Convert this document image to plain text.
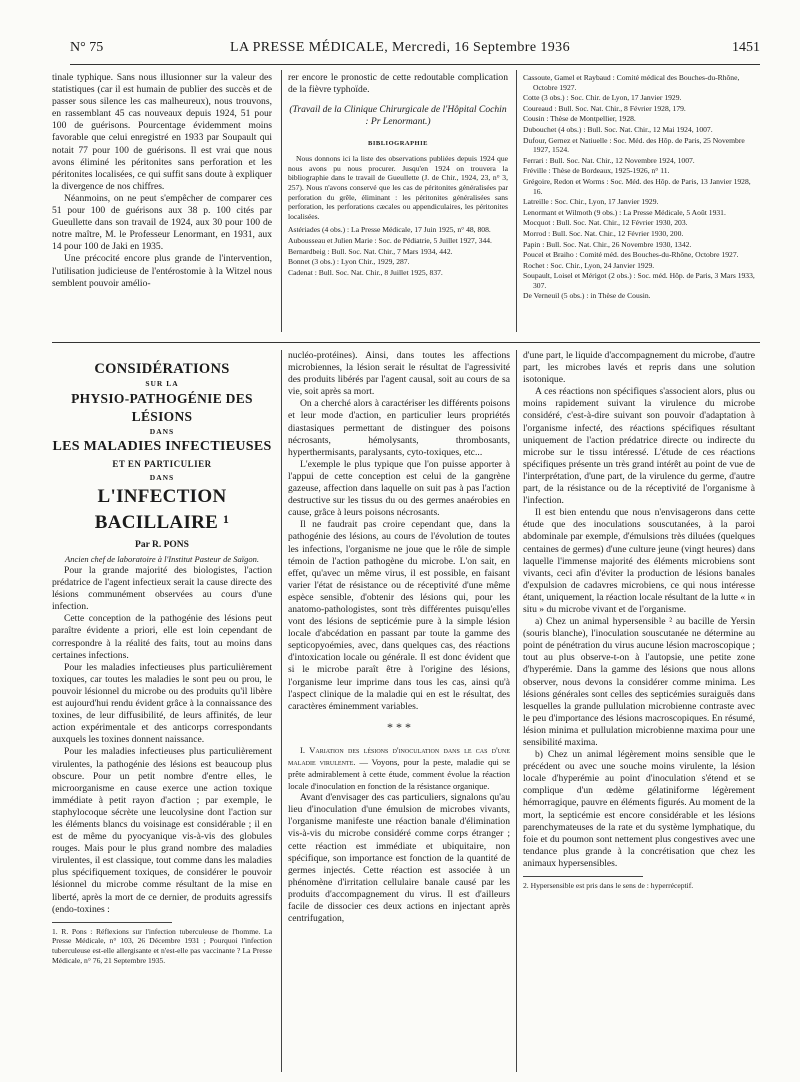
N° 75	LA PRESSE MÉDICALE, Mercredi, 16 Septembre 1936	1451

tinale typhique. Sans nous illusionner sur la valeur des statistiques (car il est humain de publier des succès et de passer sous silence les cas malheureux), nous trouvons, en rassemblant 45 cas nouveaux depuis 1924, 51 pour 100 de guérisons. Pourcentage évidemment moins favorable que celui enregistré en 1933 par Soupault qui notait 77 pour 100 de guérisons. Il est vrai que nous avons éliminé les péritonites sans perforation et les péritonites localisées, ce qui suffit sans doute à expliquer la divergence de nos chiffres.

Néanmoins, on ne peut s'empêcher de comparer ces 51 pour 100 de guérisons aux 38 p. 100 cités par Gueullette dans son travail de 1924, aux 30 pour 100 de notre maître, M. le Professeur Lenormant, en 1931, aux 14 pour 100 de Jaki en 1935.

Une précocité encore plus grande de l'intervention, l'utilisation judicieuse de l'entérostomie à la Witzel nous semblent pouvoir amélio-

rer encore le pronostic de cette redoutable complication de la fièvre typhoïde.

(Travail de la Clinique Chirurgicale de l'Hôpital Cochin : Pr Lenormant.)
BIBLIOGRAPHIE

Nous donnons ici la liste des observations publiées depuis 1924 que nous avons pu nous procurer. Jusqu'en 1924 on trouvera la bibliographie dans le travail de Gueullette (J. de Chir., 1924, 23, n° 3, 257). Nous n'avons conservé que les cas de péritonites généralisées par perforation du grêle, éliminant : les péritonites généralisées sans perforation, les perforations cæcales ou appendiculaires, les péritonites localisées.

Astériades (4 obs.) : La Presse Médicale, 17 Juin 1925, n° 48, 808.

Aubousseau et Julien Marie : Soc. de Pédiatrie, 5 Juillet 1927, 344.

Bernardbeig : Bull. Soc. Nat. Chir., 7 Mars 1934, 442.

Bonnet (3 obs.) : Lyon Chir., 1929, 287.

Cadenat : Bull. Soc. Nat. Chir., 8 Juillet 1925, 837.

Cassoute, Gamel et Raybaud : Comité médical des Bouches-du-Rhône, Octobre 1927.

Cotte (3 obs.) : Soc. Chir. de Lyon, 17 Janvier 1929.

Coureaud : Bull. Soc. Nat. Chir., 8 Février 1928, 179.

Cousin : Thèse de Montpellier, 1928.

Dubouchet (4 obs.) : Bull. Soc. Nat. Chir., 12 Mai 1924, 1007.

Dufour, Gernez et Natiuelle : Soc. Méd. des Hôp. de Paris, 25 Novembre 1927, 1524.

Ferrari : Bull. Soc. Nat. Chir., 12 Novembre 1924, 1007.

Fréville : Thèse de Bordeaux, 1925-1926, n° 11.

Grégoire, Redon et Worms : Soc. Méd. des Hôp. de Paris, 13 Janvier 1928, 16.

Latreille : Soc. Chir., Lyon, 17 Janvier 1929.

Lenormant et Wilmoth (9 obs.) : La Presse Médicale, 5 Août 1931.

Mocquot : Bull. Soc. Nat. Chir., 12 Février 1930, 203.

Morrod : Bull. Soc. Nat. Chir., 12 Février 1930, 200.

Papin : Bull. Soc. Nat. Chir., 26 Novembre 1930, 1342.

Poucel et Braiho : Comité méd. des Bouches-du-Rhône, Octobre 1927.

Rochet : Soc. Chir., Lyon, 24 Janvier 1929.

Soupault, Loisel et Mérigot (2 obs.) : Soc. méd. Hôp. de Paris, 3 Mars 1933, 307.

De Verneuil (5 obs.) : in Thèse de Cousin.

CONSIDÉRATIONS
SUR LA
PHYSIO-PATHOGÉNIE DES LÉSIONS
DANS
LES MALADIES INFECTIEUSES
ET EN PARTICULIER
DANS
L'INFECTION BACILLAIRE ¹
Par R. PONS
Ancien chef de laboratoire à l'Institut Pasteur de Saïgon.

Pour la grande majorité des biologistes, l'action prédatrice de l'agent infectieux serait la cause directe des lésions communément observées au cours d'une infection.

Cette conception de la pathogénie des lésions peut paraître évidente a priori, elle est loin cependant de correspondre à la réalité des faits, tout au moins dans certaines infections.

Pour les maladies infectieuses plus particulièrement toxiques, car toutes les maladies le sont peu ou prou, le pouvoir lésionnel du microbe ou des produits qu'il libère est aujourd'hui rendu évident grâce à la connaissance des toxines, de leur diffusibilité, de leurs affinités, de leur action expérimentale et des anticorps correspondants auxquels les toxines donnent naissance.

Pour les maladies infectieuses plus particulièrement virulentes, la pathogénie des lésions est beaucoup plus obscure. Pour un petit nombre d'entre elles, le microorganisme en cause exerce une action toxique immédiate à petit rayon d'action ; par exemple, le staphylocoque sécrète une leucolysine dont l'action sur les éléments blancs du voisinage est considérable ; il en est de même du pyocyanique vis-à-vis des globules rouges. Mais pour le plus grand nombre des maladies virulentes, il est classique, tout comme dans les maladies plus spécifiquement toxiques, de considérer le pouvoir lésionnel du microbe comme résultant de la mise en liberté, après la mort de ce dernier, de produits agressifs (endo-toxines :

1. R. Pons : Réflexions sur l'infection tuberculeuse de l'homme. La Presse Médicale, n° 103, 26 Décembre 1931 ; Pourquoi l'infection tuberculeuse est-elle allergisante et n'est-elle pas vaccinante ? La Presse Médicale, n° 76, 21 Septembre 1935.

nucléo-protéines). Ainsi, dans toutes les affections microbiennes, la lésion serait le résultat de l'agressivité des produits libérés par l'agent causal, soit au cours de sa vie, soit après sa mort.

On a cherché alors à caractériser les différents poisons et leur mode d'action, en particulier leurs propriétés diastasiques permettant de distinguer des poisons nécrosants, hémolysants, thrombosants, hyperthermisants, paralysants, cyto-toxiques, etc...

L'exemple le plus typique que l'on puisse apporter à l'appui de cette conception est celui de la gangrène gazeuse, affection dans laquelle on suit pas à pas l'action destructive sur les tissus du ou des germes anaérobies en cause, grâce à leurs poisons nécrosants.

Il ne faudrait pas croire cependant que, dans la pathogénie des lésions, au cours de l'évolution de toutes les infections, l'organisme ne joue que le rôle de simple témoin de l'action pathogène du microbe. L'on sait, en effet, qu'avec un même virus, il est possible, en faisant varier l'état de résistance ou de réceptivité d'une même espèce sensible, d'obtenir des lésions qui, pour les anatomo-pathologistes, sont très différentes puisqu'elles vont des lésions de septicémie pure à la simple lésion locale d'abcédation en passant par toute la gamme des septicopyoémies, avec, dans quelques cas, des réactions d'intoxication locale ou générale. Il est donc évident que si le microbe paraît être à l'origine des lésions, l'organisme leur imprime dans tous les cas, ainsi qu'à l'aspect clinique de la maladie qui en est le résultat, des caractères éminemment variables.

* * *

I. Variation des lésions d'inoculation dans le cas d'une maladie virulente. — Voyons, pour la peste, maladie qui se prête admirablement à cette étude, comment évolue la réaction locale d'inoculation en fonction de la résistance organique.

Avant d'envisager des cas particuliers, signalons qu'au lieu d'inoculation d'une émulsion de microbes vivants, l'organisme manifeste une réaction banale d'élimination vis-à-vis du microbe considéré comme corps étranger ; cette réaction est immédiate et ubiquitaire, non spécifique, son importance est fonction de la quantité de germes injectés. Cette réaction est associée à un phénomène d'irritation cellulaire banale causé par les produits d'accompagnement du virus. Il est d'ailleurs facile de dissocier ces deux actions en injectant après centrifugation,

d'une part, le liquide d'accompagnement du microbe, d'autre part, les microbes lavés et repris dans une solution isotonique.

A ces réactions non spécifiques s'associent alors, plus ou moins rapidement suivant la virulence du microbe considéré, c'est-à-dire suivant son pouvoir d'adaptation à l'organisme infecté, des réactions spécifiques résultant uniquement de l'action prédatrice directe ou indirecte du microbe sur le tissu intéressé. L'étude de ces réactions spécifiques présente un très grand intérêt au point de vue de l'interprétation, d'une part, de la virulence du germe, d'autre part, de la résistance ou de la réceptivité de l'organisme à l'infection.

Il est bien entendu que nous n'envisagerons dans cette étude que des inoculations souscutanées, à la paroi abdominale par exemple, d'émulsions très diluées (quelques centaines de germes) d'une culture jeune (vingt heures) dans laquelle l'immense majorité des éléments microbiens sont vivants, ceci afin d'éviter la production de lésions banales d'expulsion de cadavres microbiens, ce qui nous intéresse étant, uniquement, la réaction locale résultant de la lutte « in situ » du microbe vivant et de l'organisme.

a) Chez un animal hypersensible ² au bacille de Yersin (souris blanche), l'inoculation souscutanée ne détermine au point de pénétration du virus aucune lésion macroscopique ; tout au plus observe-t-on à l'autopsie, une petite zone d'hyperémie. Dans la gamme des lésions que nous allons observer, nous devons la considérer comme minima. Les lésions générales sont celles des septicémies suraiguës dans lesquelles la grande pullulation microbienne contraste avec le peu d'importance des lésions macroscopiques. En résumé, lésion minima et pullulation microbienne maxima pour une sensibilité maxima.

b) Chez un animal légèrement moins sensible que le précédent ou avec une souche moins virulente, la lésion locale d'hyperémie au point d'inoculation s'étend et se complique d'un œdème gélatiniforme légèrement hémorragique, pauvre en éléments figurés. Au moment de la mort, la septicémie est encore considérable et les lésions parenchymateuses de la rate et du système lymphatique, du foie et du poumon sont nettement plus congestives avec une tendance plus grande à la concrétisation que chez les animaux hypersensibles.

2. Hypersensible est pris dans le sens de : hyperréceptif.
